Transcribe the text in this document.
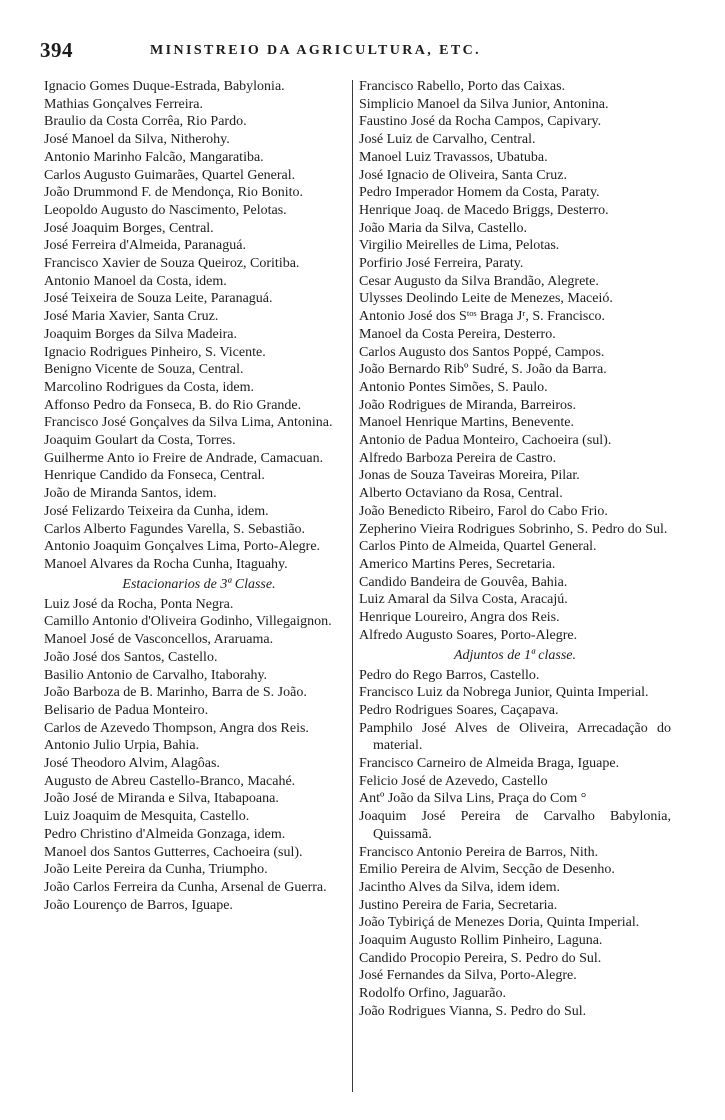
394	MINISTREIO DA AGRICULTURA, ETC.

Ignacio Gomes Duque-Estrada, Babylonia.

Mathias Gonçalves Ferreira.

Braulio da Costa Corrêa, Rio Pardo.

José Manoel da Silva, Nitherohy.

Antonio Marinho Falcão, Mangaratiba.

Carlos Augusto Guimarães, Quartel General.

João Drummond F. de Mendonça, Rio Bonito.

Leopoldo Augusto do Nascimento, Pelotas.

José Joaquim Borges, Central.

José Ferreira d'Almeida, Paranaguá.

Francisco Xavier de Souza Queiroz, Coritiba.

Antonio Manoel da Costa, idem.

José Teixeira de Souza Leite, Paranaguá.

José Maria Xavier, Santa Cruz.

Joaquim Borges da Silva Madeira.

Ignacio Rodrigues Pinheiro, S. Vicente.

Benigno Vicente de Souza, Central.

Marcolino Rodrigues da Costa, idem.

Affonso Pedro da Fonseca, B. do Rio Grande.

Francisco José Gonçalves da Silva Lima, Antonina.

Joaquim Goulart da Costa, Torres.

Guilherme Anto io Freire de Andrade, Camacuan.

Henrique Candido da Fonseca, Central.

João de Miranda Santos, idem.

José Felizardo Teixeira da Cunha, idem.

Carlos Alberto Fagundes Varella, S. Sebastião.

Antonio Joaquim Gonçalves Lima, Porto-Alegre.

Manoel Alvares da Rocha Cunha, Itaguahy.

Estacionarios de 3ª Classe.

Luiz José da Rocha, Ponta Negra.

Camillo Antonio d'Oliveira Godinho, Villegaignon.

Manoel José de Vasconcellos, Araruama.

João José dos Santos, Castello.

Basilio Antonio de Carvalho, Itaborahy.

João Barboza de B. Marinho, Barra de S. João.

Belisario de Padua Monteiro.

Carlos de Azevedo Thompson, Angra dos Reis.

Antonio Julio Urpia, Bahia.

José Theodoro Alvim, Alagôas.

Augusto de Abreu Castello-Branco, Macahé.

João José de Miranda e Silva, Itabapoana.

Luiz Joaquim de Mesquita, Castello.

Pedro Christino d'Almeida Gonzaga, idem.

Manoel dos Santos Gutterres, Cachoeira (sul).

João Leite Pereira da Cunha, Triumpho.

João Carlos Ferreira da Cunha, Arsenal de Guerra.

João Lourenço de Barros, Iguape.

Francisco Rabello, Porto das Caixas.

Simplicio Manoel da Silva Junior, Antonina.

Faustino José da Rocha Campos, Capivary.

José Luiz de Carvalho, Central.

Manoel Luiz Travassos, Ubatuba.

José Ignacio de Oliveira, Santa Cruz.

Pedro Imperador Homem da Costa, Paraty.

Henrique Joaq. de Macedo Briggs, Desterro.

João Maria da Silva, Castello.

Virgilio Meirelles de Lima, Pelotas.

Porfirio José Ferreira, Paraty.

Cesar Augusto da Silva Brandão, Alegrete.

Ulysses Deolindo Leite de Menezes, Maceió.

Antonio José dos Sᵗᵒˢ Braga Jʳ, S. Francisco.

Manoel da Costa Pereira, Desterro.

Carlos Augusto dos Santos Poppé, Campos.

João Bernardo Ribº Sudré, S. João da Barra.

Antonio Pontes Simões, S. Paulo.

João Rodrigues de Miranda, Barreiros.

Manoel Henrique Martins, Benevente.

Antonio de Padua Monteiro, Cachoeira (sul).

Alfredo Barboza Pereira de Castro.

Jonas de Souza Taveiras Moreira, Pilar.

Alberto Octaviano da Rosa, Central.

João Benedicto Ribeiro, Farol do Cabo Frio.

Zepherino Vieira Rodrigues Sobrinho, S. Pedro do Sul.

Carlos Pinto de Almeida, Quartel General.

Americo Martins Peres, Secretaria.

Candido Bandeira de Gouvêa, Bahia.

Luiz Amaral da Silva Costa, Aracajú.

Henrique Loureiro, Angra dos Reis.

Alfredo Augusto Soares, Porto-Alegre.

Adjuntos de 1ª classe.

Pedro do Rego Barros, Castello.

Francisco Luiz da Nobrega Junior, Quinta Imperial.

Pedro Rodrigues Soares, Caçapava.

Pamphilo José Alves de Oliveira, Arrecadação do material.

Francisco Carneiro de Almeida Braga, Iguape.

Felicio José de Azevedo, Castello

Antº João da Silva Lins, Praça do Com °

Joaquim José Pereira de Carvalho Babylonia, Quissamã.

Francisco Antonio Pereira de Barros, Nith.

Emilio Pereira de Alvim, Secção de Desenho.

Jacintho Alves da Silva, idem idem.

Justino Pereira de Faria, Secretaria.

João Tybiriçá de Menezes Doria, Quinta Imperial.

Joaquim Augusto Rollim Pinheiro, Laguna.

Candido Procopio Pereira, S. Pedro do Sul.

José Fernandes da Silva, Porto-Alegre.

Rodolfo Orfino, Jaguarão.

João Rodrigues Vianna, S. Pedro do Sul.
